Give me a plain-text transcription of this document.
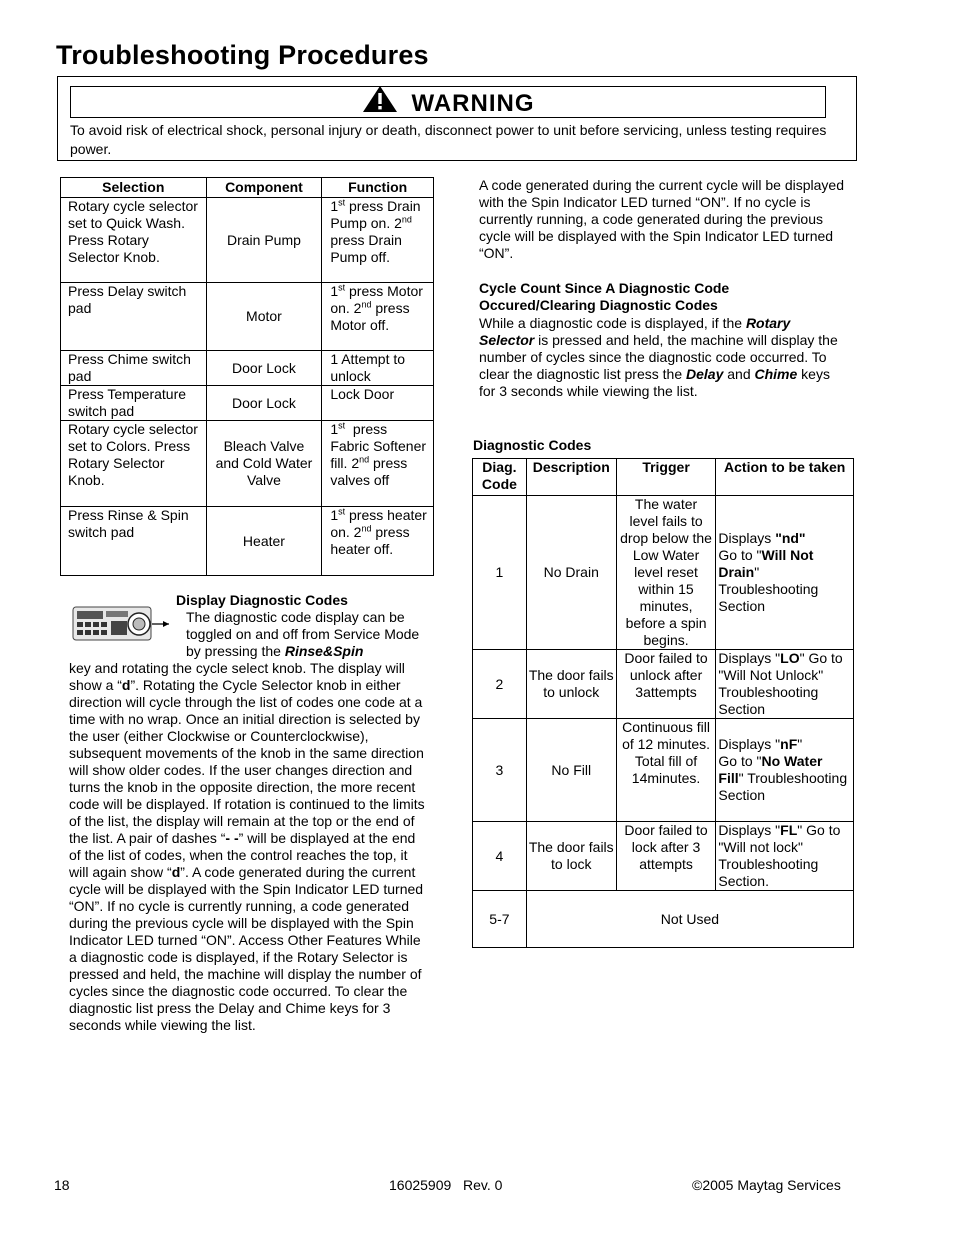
Troubleshooting Procedures
WARNING
To avoid risk of electrical shock, personal injury or death, disconnect power to unit before servicing, unless testing requires power.
Selection	Component	Function
Rotary cycle selector set to Quick Wash. Press Rotary Selector Knob.	Drain Pump	1st press Drain Pump on. 2nd press Drain Pump off.
Press Delay switch pad	Motor	1st press Motor on. 2nd press Motor off.
Press Chime switch pad	Door Lock	1 Attempt to unlock
Press Temperature switch pad	Door Lock	Lock Door
Rotary cycle selector set to Colors. Press Rotary Selector Knob.	Bleach Valve and Cold Water Valve	1st  press Fabric Softener fill. 2nd press valves off
Press Rinse & Spin switch pad	Heater	1st press heater on. 2nd press heater off.
Display Diagnostic Codes
The diagnostic code display can be toggled on and off from Service Mode by pressing the Rinse&Spin
key and rotating the cycle select knob. The display will show a “d”. Rotating the Cycle Selector knob in either direction will cycle through the list of codes one code at a time with no wrap. Once an initial direction is selected by the user (either Clockwise or Counterclockwise), subsequent movements of the knob in the same direction will show older codes. If the user changes direction and turns the knob in the opposite direction, the more recent code will be displayed. If rotation is continued to the limits of the list, the display will remain at the top or the end of the list. A pair of dashes “- -” will be displayed at the end of the list of codes, when the control reaches the top, it will again show “d”. A code generated during the current cycle will be displayed with the Spin Indicator LED turned “ON”. If no cycle is currently running, a code generated during the previous cycle will be displayed with the Spin Indicator LED turned “ON”. Access Other Features While a diagnostic code is displayed, if the Rotary Selector is pressed and held, the machine will display the number of cycles since the diagnostic code occurred. To clear the diagnostic list press the Delay and Chime keys for 3 seconds while viewing the list.
A code generated during the current cycle will be displayed with the Spin Indicator LED turned “ON”. If no cycle is currently running, a code generated during the previous cycle will be displayed with the Spin Indicator LED turned “ON”.
Cycle Count Since A Diagnostic Code Occured/Clearing Diagnostic Codes
While a diagnostic code is displayed, if the Rotary Selector is pressed and held, the machine will display the number of cycles since the diagnostic code occurred. To clear the diagnostic list press the Delay and Chime keys for 3 seconds while viewing the list.
Diagnostic Codes
Diag. Code	Description	Trigger	Action to be taken
1	No Drain	The water level fails to drop below the Low Water level reset within 15 minutes, before a spin begins.	Displays "nd"
Go to "Will Not Drain" Troubleshooting Section
2	The door fails to unlock	Door failed to unlock after 3attempts	Displays "LO" Go to "Will Not Unlock" Troubleshooting Section
3	No Fill	Continuous fill of 12 minutes. Total fill of 14minutes.	Displays "nF"
Go to "No Water Fill" Troubleshooting Section
4	The door fails to lock	Door failed to lock after 3 attempts	Displays "FL" Go to "Will not lock" Troubleshooting Section.
5-7	Not Used		
18	16025909   Rev. 0	©2005 Maytag Services
